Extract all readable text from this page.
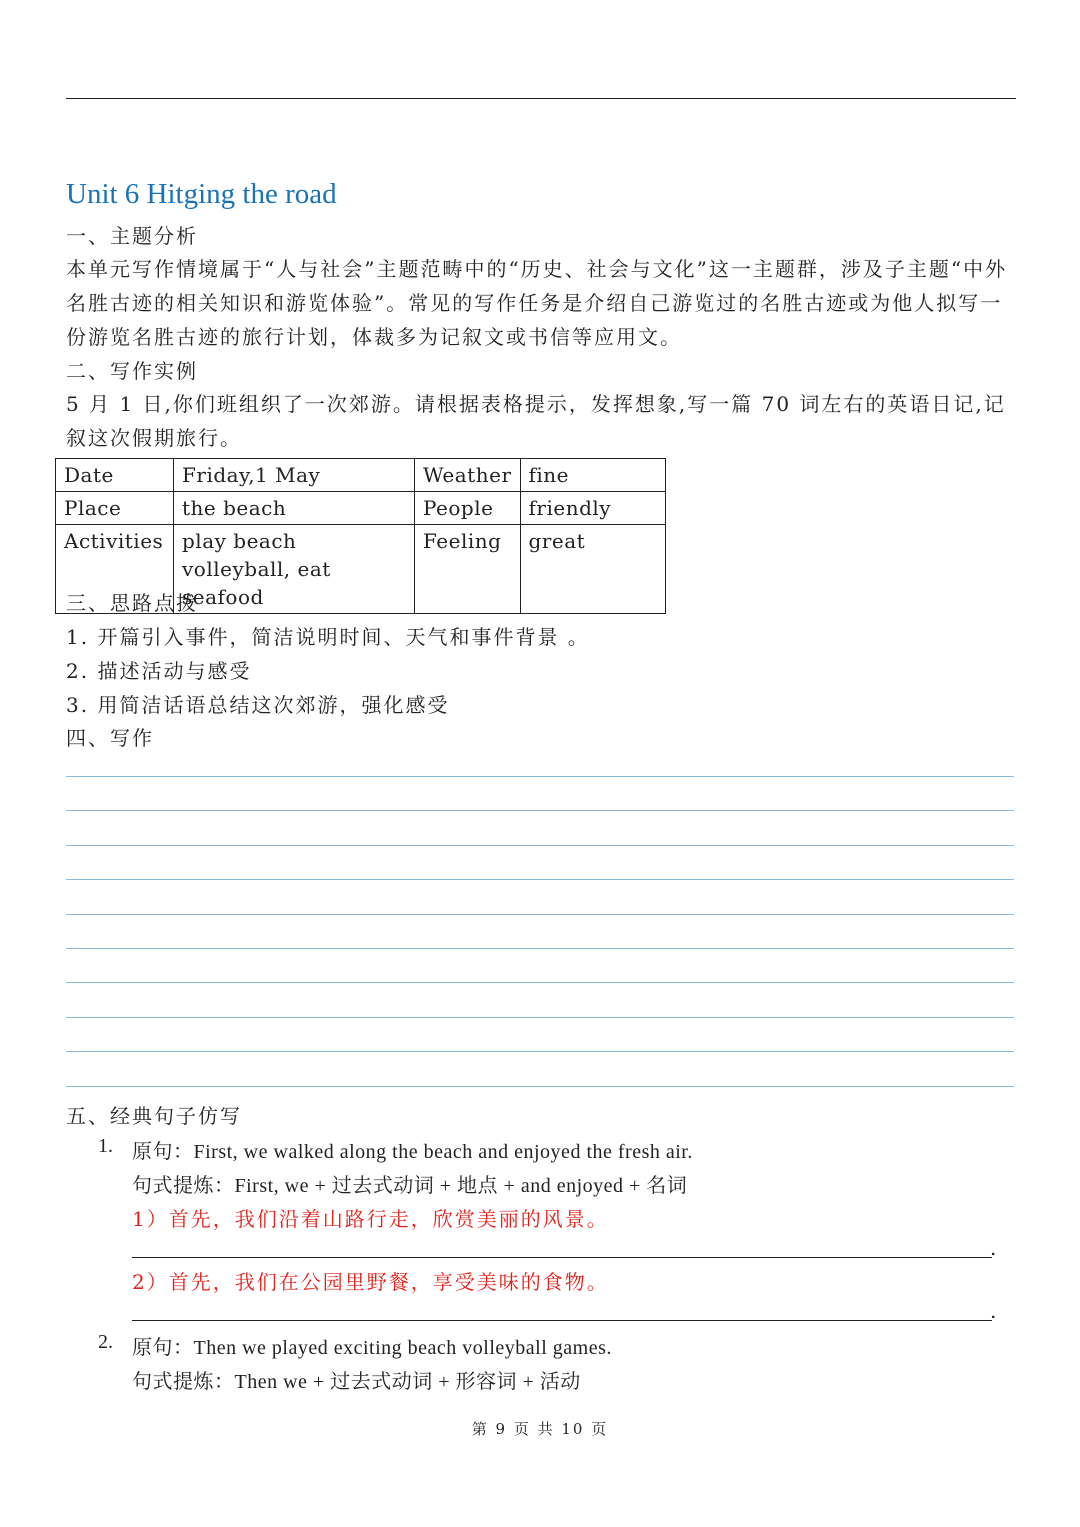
Unit 6 Hitging the road
一、主题分析
本单元写作情境属于“人与社会”主题范畴中的“历史、社会与文化”这一主题群，涉及子主题“中外名胜古迹的相关知识和游览体验”。常见的写作任务是介绍自己游览过的名胜古迹或为他人拟写一份游览名胜古迹的旅行计划，体裁多为记叙文或书信等应用文。
二、写作实例
5 月 1 日,你们班组织了一次郊游。请根据表格提示，发挥想象,写一篇 70 词左右的英语日记,记叙这次假期旅行。
Date	Friday,1 May	Weather	fine
Place	the beach	People	friendly
Activities	play beach volleyball, eat seafood	Feeling	great
三、思路点拨
1. 开篇引入事件，简洁说明时间、天气和事件背景 。
2. 描述活动与感受
3. 用简洁话语总结这次郊游，强化感受
四、写作
五、经典句子仿写
1. 原句：First, we walked along the beach and enjoyed the fresh air.
句式提炼：First, we + 过去式动词 + 地点 + and enjoyed + 名词
1）首先，我们沿着山路行走，欣赏美丽的风景。
.
2）首先，我们在公园里野餐，享受美味的食物。
.
2. 原句：Then we played exciting beach volleyball games.
句式提炼：Then we + 过去式动词 + 形容词 + 活动
第 9 页 共 10 页
